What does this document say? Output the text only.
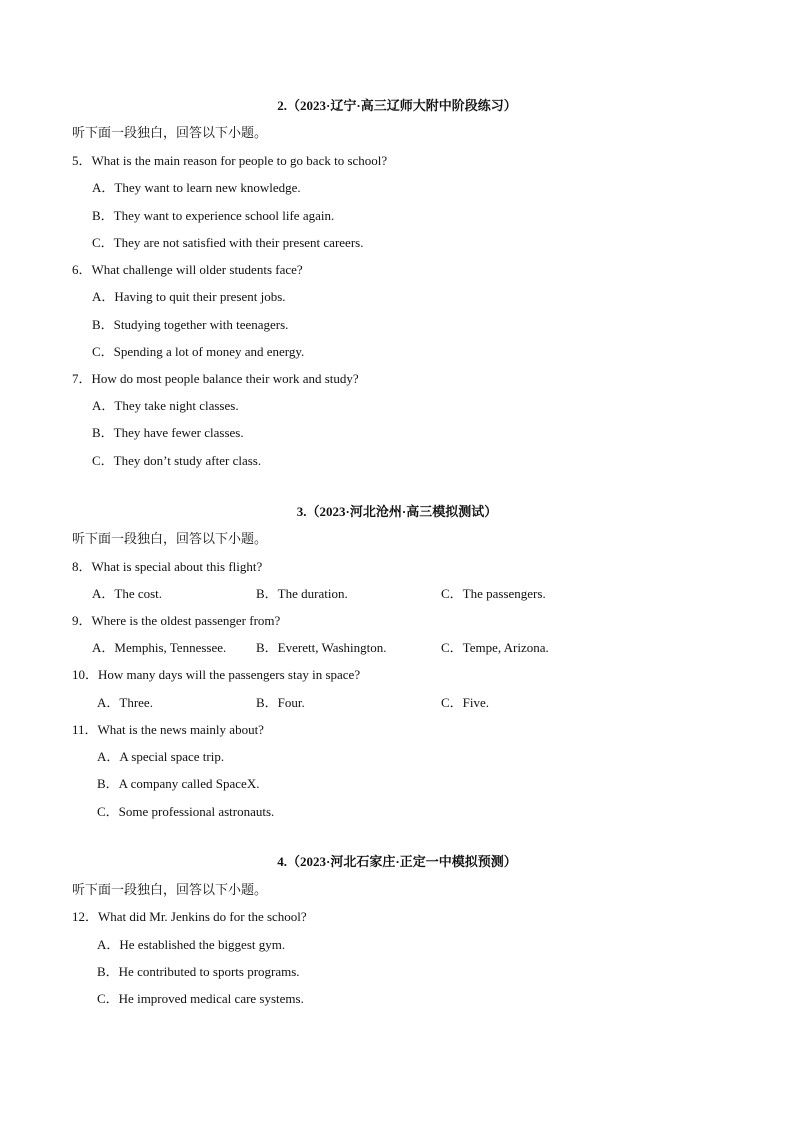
2.（2023·辽宁·高三辽师大附中阶段练习）
听下面一段独白，回答以下小题。
5．What is the main reason for people to go back to school?
A．They want to learn new knowledge.
B．They want to experience school life again.
C．They are not satisfied with their present careers.
6．What challenge will older students face?
A．Having to quit their present jobs.
B．Studying together with teenagers.
C．Spending a lot of money and energy.
7．How do most people balance their work and study?
A．They take night classes.
B．They have fewer classes.
C．They don’t study after class.
3.（2023·河北沧州·高三模拟测试）
听下面一段独白，回答以下小题。
8．What is special about this flight?
A．The cost.	B．The duration.	C．The passengers.
9．Where is the oldest passenger from?
A．Memphis, Tennessee. B．Everett, Washington.	C．Tempe, Arizona.
10．How many days will the passengers stay in space?
A．Three.	B．Four.	C．Five.
11．What is the news mainly about?
A．A special space trip.
B．A company called SpaceX.
C．Some professional astronauts.
4.（2023·河北石家庄·正定一中模拟预测）
听下面一段独白，回答以下小题。
12．What did Mr. Jenkins do for the school?
A．He established the biggest gym.
B．He contributed to sports programs.
C．He improved medical care systems.
